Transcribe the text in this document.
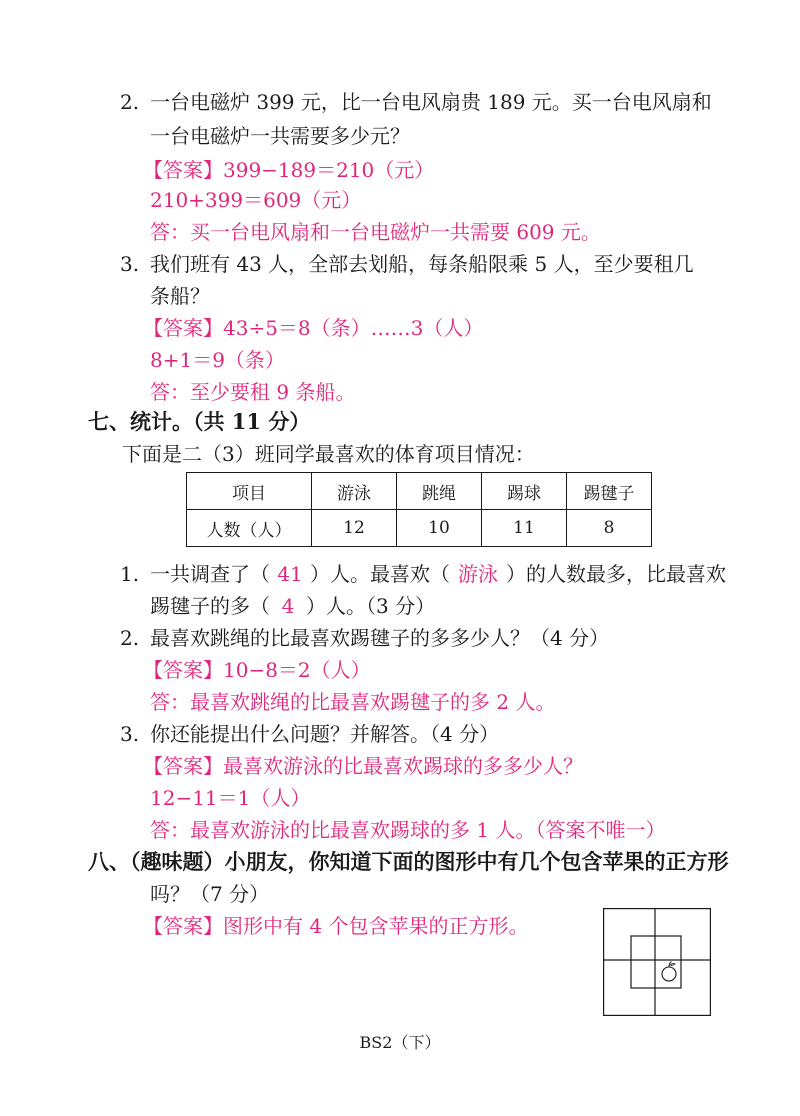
2. 一台电磁炉 399 元，比一台电风扇贵 189 元。买一台电风扇和
一台电磁炉一共需要多少元？
【答案】399−189＝210（元）
210+399＝609（元）
答：买一台电风扇和一台电磁炉一共需要 609 元。
3. 我们班有 43 人，全部去划船，每条船限乘 5 人，至少要租几
条船？
【答案】43÷5＝8（条）……3（人）
8+1＝9（条）
答：至少要租 9 条船。
七、统计。（共 11 分）
下面是二（3）班同学最喜欢的体育项目情况：
项目	游泳	跳绳	踢球	踢毽子
人数（人）	12	10	11	8
1. 一共调查了（ 41 ）人。最喜欢（ 游泳 ）的人数最多，比最喜欢
踢毽子的多（ 4 ）人。（3 分）
2. 最喜欢跳绳的比最喜欢踢毽子的多多少人？（4 分）
【答案】10−8＝2（人）
答：最喜欢跳绳的比最喜欢踢毽子的多 2 人。
3. 你还能提出什么问题？并解答。（4 分）
【答案】最喜欢游泳的比最喜欢踢球的多多少人？
12−11＝1（人）
答：最喜欢游泳的比最喜欢踢球的多 1 人。（答案不唯一）
八、（趣味题）小朋友，你知道下面的图形中有几个包含苹果的正方形
吗？（7 分）
【答案】图形中有 4 个包含苹果的正方形。
BS2（下）
